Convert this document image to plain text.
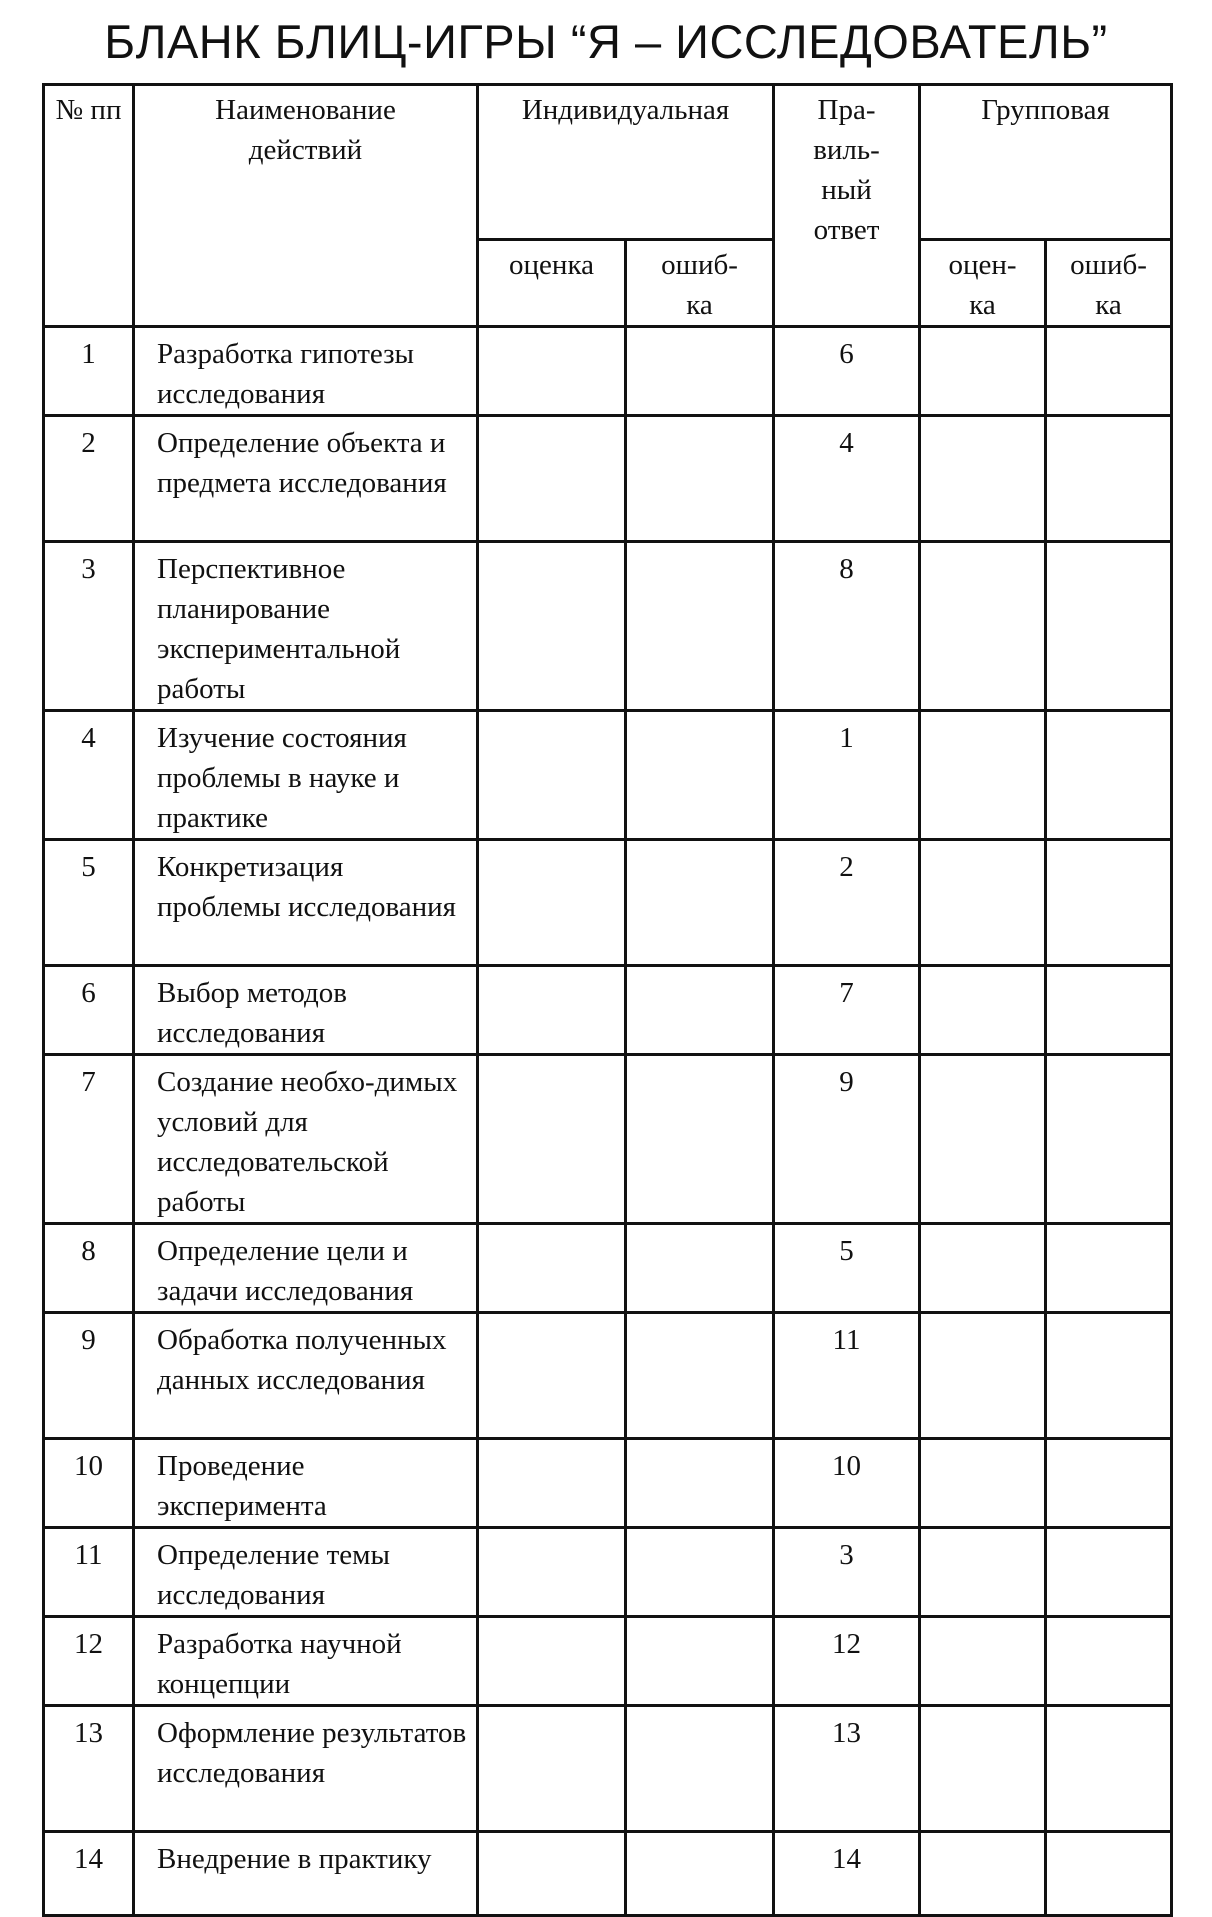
БЛАНК БЛИЦ-ИГРЫ “Я – ИССЛЕДОВАТЕЛЬ”
№ пп	Наименование действий	Индивидуальная		Пра-виль-ный ответ	Групповая	
		оценка	ошиб-ка		оцен-ка	ошиб-ка
1	Разработка гипотезы исследования			6		
2	Определение объекта и предмета исследования			4		
3	Перспективное планирование экспериментальной работы			8		
4	Изучение состояния проблемы в науке и практике			1		
5	Конкретизация проблемы исследования			2		
6	Выбор методов исследования			7		
7	Создание необхо-димых условий для исследовательской работы			9		
8	Определение цели и задачи исследования			5		
9	Обработка полученных данных исследования			11		
10	Проведение эксперимента			10		
11	Определение темы исследования			3		
12	Разработка научной концепции			12		
13	Оформление результатов исследования			13		
14	Внедрение в практику			14		
